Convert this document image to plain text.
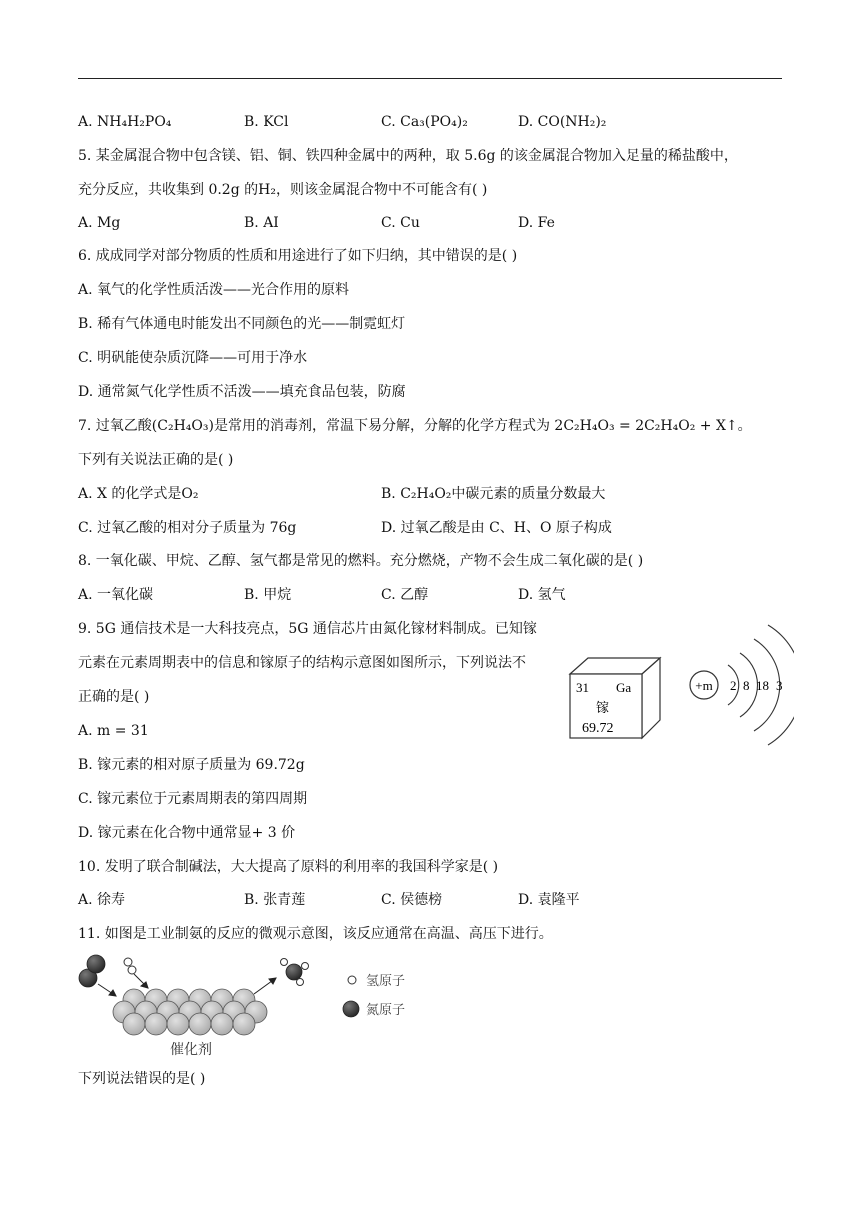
A. NH₄H₂PO₄	B. KCl	C. Ca₃(PO₄)₂	D. CO(NH₂)₂
5. 某金属混合物中包含镁、铝、铜、铁四种金属中的两种，取 5.6g 的该金属混合物加入足量的稀盐酸中，
充分反应，共收集到 0.2g 的H₂，则该金属混合物中不可能含有( )
A. Mg	B. AI	C. Cu	D. Fe
6. 成成同学对部分物质的性质和用途进行了如下归纳，其中错误的是( )
A. 氧气的化学性质活泼——光合作用的原料
B. 稀有气体通电时能发出不同颜色的光——制霓虹灯
C. 明矾能使杂质沉降——可用于净水
D. 通常氮气化学性质不活泼——填充食品包装，防腐
7. 过氧乙酸(C₂H₄O₃)是常用的消毒剂，常温下易分解，分解的化学方程式为 2C₂H₄O₃ = 2C₂H₄O₂ + X↑。
下列有关说法正确的是( )
A. X 的化学式是O₂	B. C₂H₄O₂中碳元素的质量分数最大
C. 过氧乙酸的相对分子质量为 76g	D. 过氧乙酸是由 C、H、O 原子构成
8. 一氧化碳、甲烷、乙醇、氢气都是常见的燃料。充分燃烧，产物不会生成二氧化碳的是( )
A. 一氧化碳	B. 甲烷	C. 乙醇	D. 氢气
9. 5G 通信技术是一大科技亮点，5G 通信芯片由氮化镓材料制成。已知镓
元素在元素周期表中的信息和镓原子的结构示意图如图所示，下列说法不
正确的是( )
A. m = 31
B. 镓元素的相对原子质量为 69.72g
C. 镓元素位于元素周期表的第四周期
D. 镓元素在化合物中通常显+ 3 价
31 Ga
镓
69.72
+m 2 8 18 3
10. 发明了联合制碱法，大大提高了原料的利用率的我国科学家是( )
A. 徐寿	B. 张青莲	C. 侯德榜	D. 袁隆平
11. 如图是工业制氨的反应的微观示意图，该反应通常在高温、高压下进行。
氢原子
氮原子
催化剂
下列说法错误的是( )
